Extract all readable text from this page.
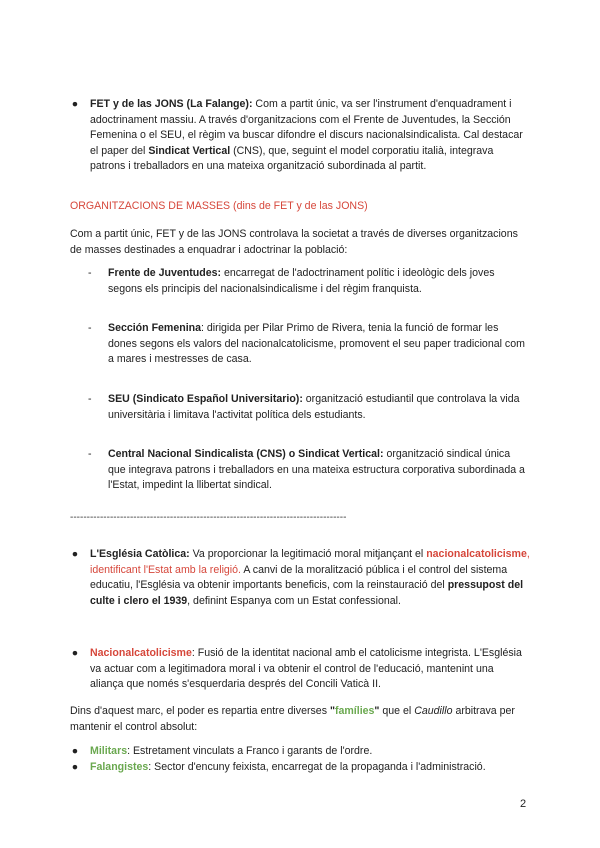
● FET y de las JONS (La Falange): Com a partit únic, va ser l'instrument d'enquadrament i adoctrinament massiu. A través d'organitzacions com el Frente de Juventudes, la Sección Femenina o el SEU, el règim va buscar difondre el discurs nacionalsindicalista. Cal destacar el paper del Sindicat Vertical (CNS), que, seguint el model corporatiu italià, integrava patrons i treballadors en una mateixa organització subordinada al partit.

ORGANITZACIONS DE MASSES (dins de FET y de las JONS)
Com a partit únic, FET y de las JONS controlava la societat a través de diverses organitzacions de masses destinades a enquadrar i adoctrinar la població:
- Frente de Juventudes: encarregat de l'adoctrinament polític i ideològic dels joves segons els principis del nacionalsindicalisme i del règim franquista.

- Sección Femenina: dirigida per Pilar Primo de Rivera, tenia la funció de formar les dones segons els valors del nacionalcatolicisme, promovent el seu paper tradicional com a mares i mestresses de casa.

- SEU (Sindicato Español Universitario): organització estudiantil que controlava la vida universitària i limitava l'activitat política dels estudiants.

- Central Nacional Sindicalista (CNS) o Sindicat Vertical: organització sindical única que integrava patrons i treballadors en una mateixa estructura corporativa subordinada a l'Estat, impedint la llibertat sindical.

-----------------------------------------------------------------------------------
● L'Església Catòlica: Va proporcionar la legitimació moral mitjançant el nacionalcatolicisme, identificant l'Estat amb la religió. A canvi de la moralització pública i el control del sistema educatiu, l'Església va obtenir importants beneficis, com la reinstauració del pressupost del culte i clero el 1939, definint Espanya com un Estat confessional.

● Nacionalcatolicisme: Fusió de la identitat nacional amb el catolicisme integrista. L'Església va actuar com a legitimadora moral i va obtenir el control de l'educació, mantenint una aliança que només s'esquerdaria després del Concili Vaticà II.

Dins d'aquest marc, el poder es repartia entre diverses "famílies" que el Caudillo arbitrava per mantenir el control absolut:

● Militars: Estretament vinculats a Franco i garants de l'ordre.

● Falangistes: Sector d'encuny feixista, encarregat de la propaganda i l'administració.

2
